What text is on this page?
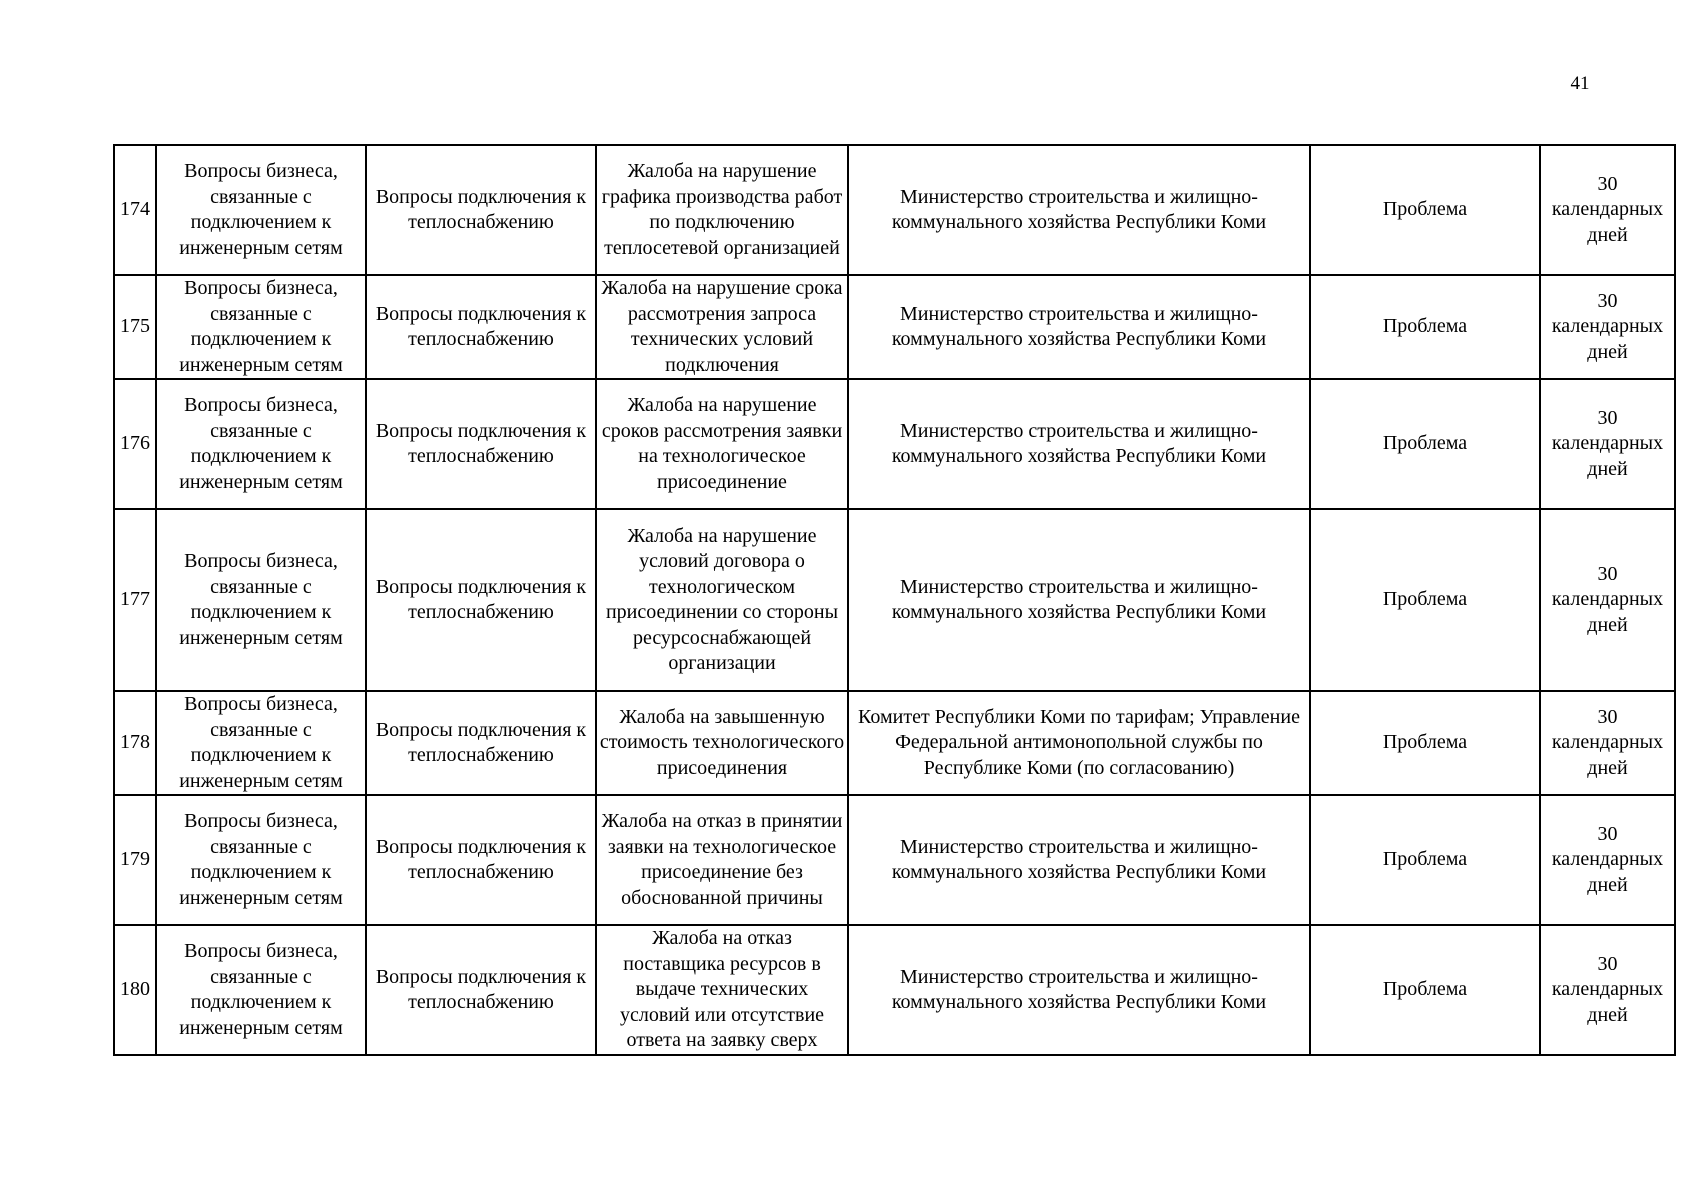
41
174	Вопросы бизнеса, связанные с подключением к инженерным сетям	Вопросы подключения к теплоснабжению	Жалоба на нарушение графика производства работ по подключению теплосетевой организацией	Министерство строительства и жилищно-коммунального хозяйства Республики Коми	Проблема	30 календарных дней
175	Вопросы бизнеса, связанные с подключением к инженерным сетям	Вопросы подключения к теплоснабжению	Жалоба на нарушение срока рассмотрения запроса технических условий подключения	Министерство строительства и жилищно-коммунального хозяйства Республики Коми	Проблема	30 календарных дней
176	Вопросы бизнеса, связанные с подключением к инженерным сетям	Вопросы подключения к теплоснабжению	Жалоба на нарушение сроков рассмотрения заявки на технологическое присоединение	Министерство строительства и жилищно-коммунального хозяйства Республики Коми	Проблема	30 календарных дней
177	Вопросы бизнеса, связанные с подключением к инженерным сетям	Вопросы подключения к теплоснабжению	Жалоба на нарушение условий договора о технологическом присоединении со стороны ресурсоснабжающей организации	Министерство строительства и жилищно-коммунального хозяйства Республики Коми	Проблема	30 календарных дней
178	Вопросы бизнеса, связанные с подключением к инженерным сетям	Вопросы подключения к теплоснабжению	Жалоба на завышенную стоимость технологического присоединения	Комитет Республики Коми по тарифам; Управление Федеральной антимонопольной службы по Республике Коми (по согласованию)	Проблема	30 календарных дней
179	Вопросы бизнеса, связанные с подключением к инженерным сетям	Вопросы подключения к теплоснабжению	Жалоба на отказ в принятии заявки на технологическое присоединение без обоснованной причины	Министерство строительства и жилищно-коммунального хозяйства Республики Коми	Проблема	30 календарных дней
180	Вопросы бизнеса, связанные с подключением к инженерным сетям	Вопросы подключения к теплоснабжению	Жалоба на отказ поставщика ресурсов в выдаче технических условий или отсутствие ответа на заявку сверх	Министерство строительства и жилищно-коммунального хозяйства Республики Коми	Проблема	30 календарных дней
